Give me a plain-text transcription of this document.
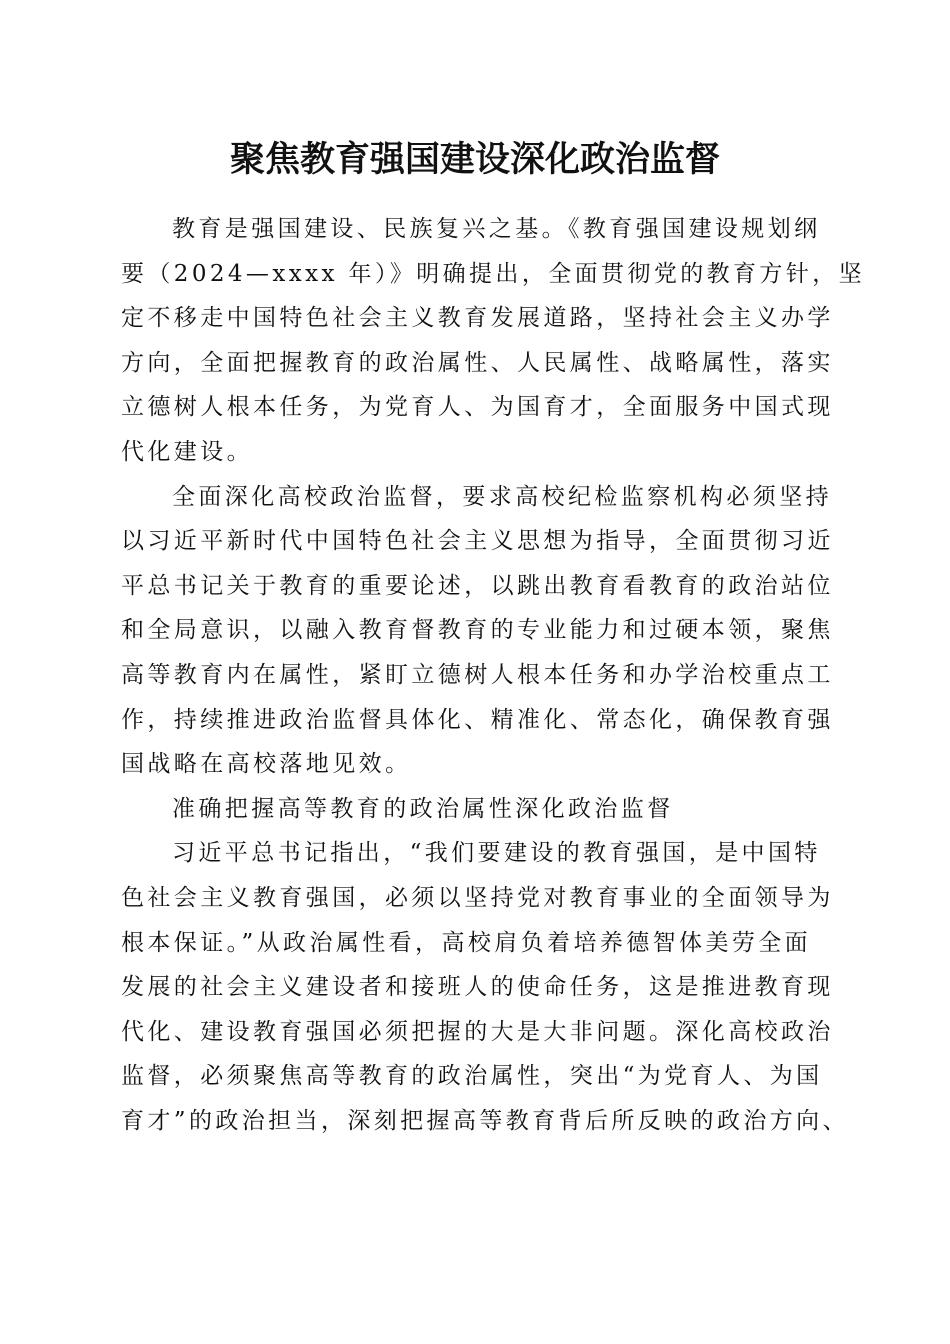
聚焦教育强国建设深化政治监督
教育是强国建设、民族复兴之基。《教育强国建设规划纲
要（2024—xxxx 年）》明确提出，全面贯彻党的教育方针，坚
定不移走中国特色社会主义教育发展道路，坚持社会主义办学
方向，全面把握教育的政治属性、人民属性、战略属性，落实
立德树人根本任务，为党育人、为国育才，全面服务中国式现
代化建设。
全面深化高校政治监督，要求高校纪检监察机构必须坚持
以习近平新时代中国特色社会主义思想为指导，全面贯彻习近
平总书记关于教育的重要论述，以跳出教育看教育的政治站位
和全局意识，以融入教育督教育的专业能力和过硬本领，聚焦
高等教育内在属性，紧盯立德树人根本任务和办学治校重点工
作，持续推进政治监督具体化、精准化、常态化，确保教育强
国战略在高校落地见效。
准确把握高等教育的政治属性深化政治监督
习近平总书记指出，“我们要建设的教育强国，是中国特
色社会主义教育强国，必须以坚持党对教育事业的全面领导为
根本保证。”从政治属性看，高校肩负着培养德智体美劳全面
发展的社会主义建设者和接班人的使命任务，这是推进教育现
代化、建设教育强国必须把握的大是大非问题。深化高校政治
监督，必须聚焦高等教育的政治属性，突出“为党育人、为国
育才”的政治担当，深刻把握高等教育背后所反映的政治方向、
